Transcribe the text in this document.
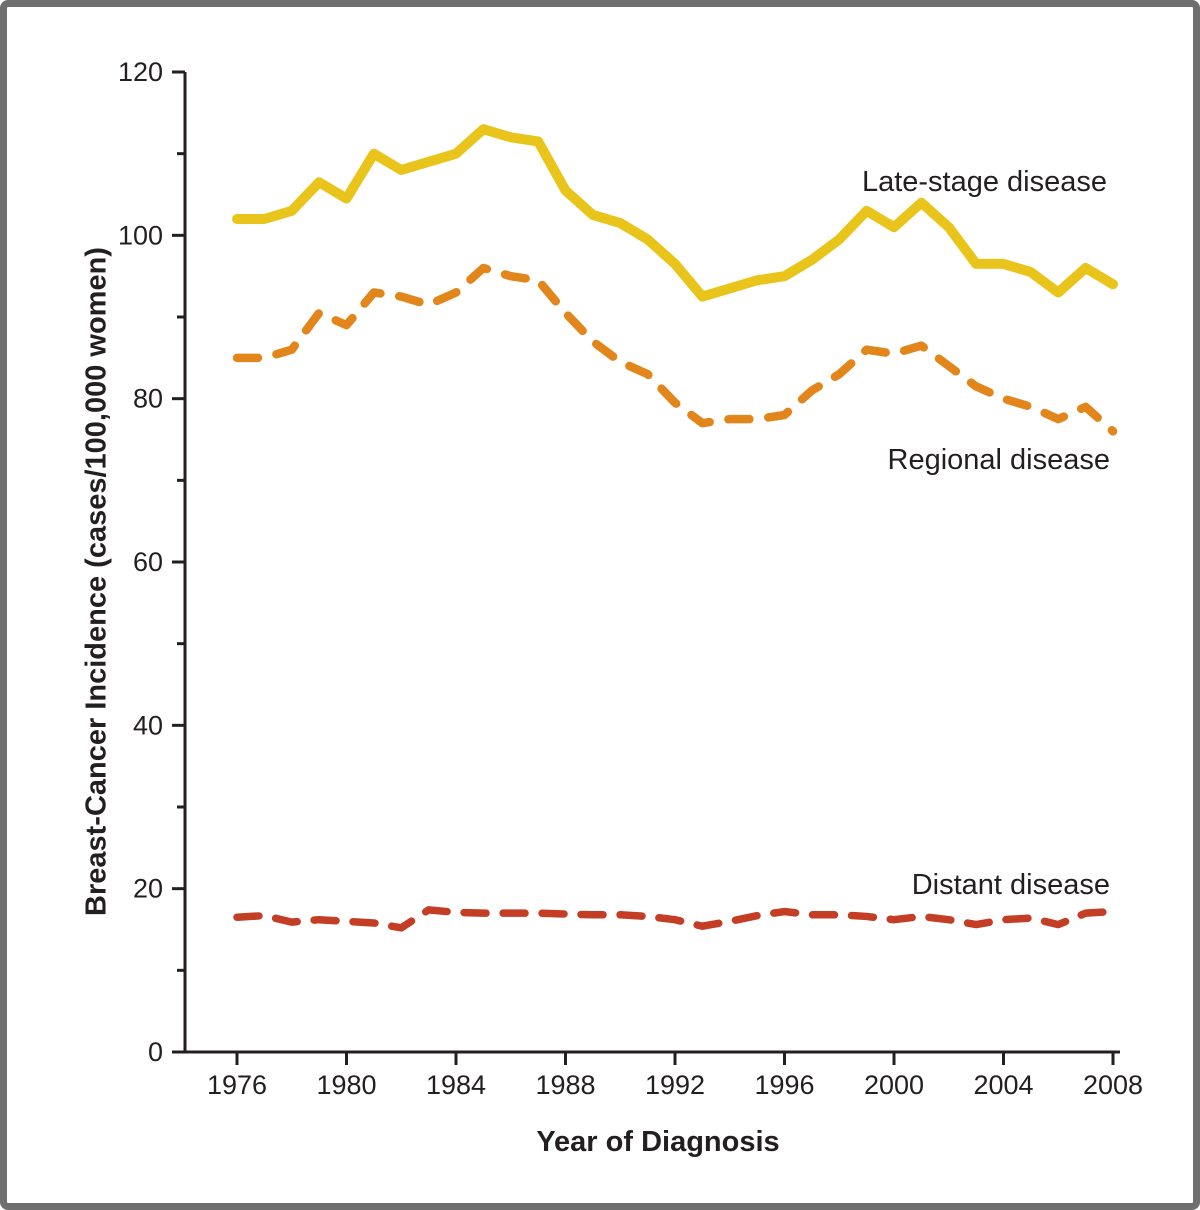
0
20
40
60
80
100
120
1976 1980 1984 1988 1992 1996 2000 2004 2008
Breast-Cancer Incidence (cases/100,000 women)
Year of Diagnosis
Late-stage disease
Regional disease
Distant disease
